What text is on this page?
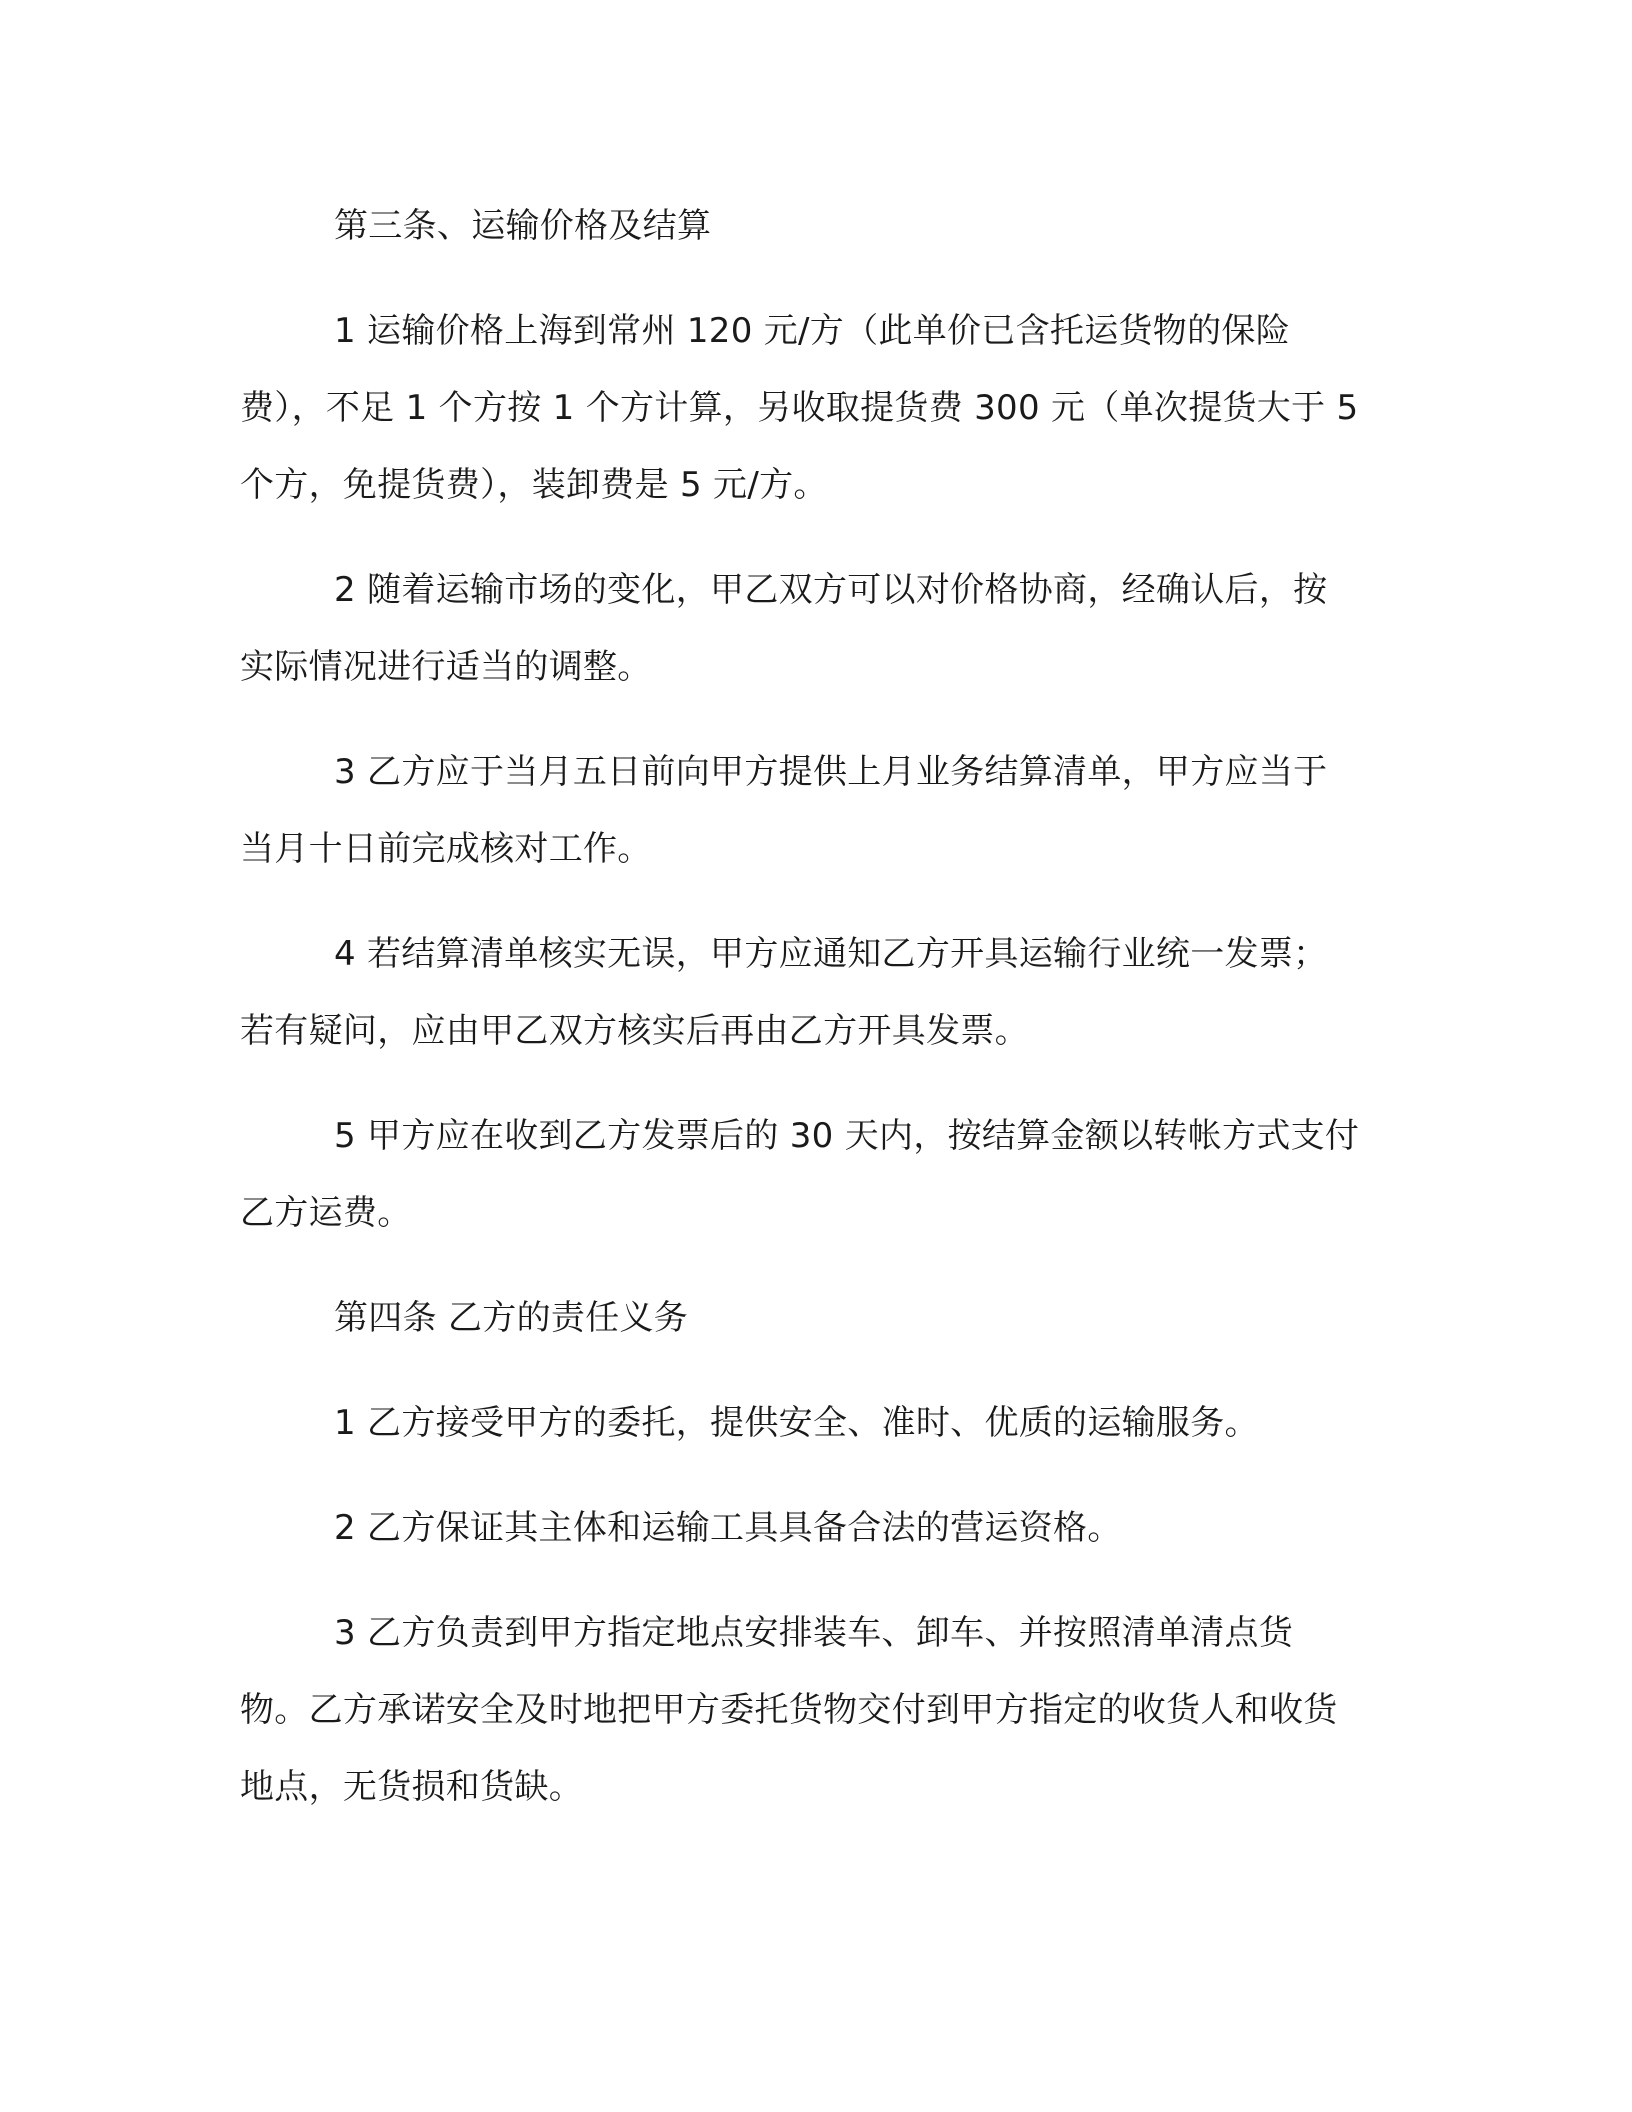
第三条、运输价格及结算

1 运输价格上海到常州 120 元/方（此单价已含托运货物的保险费），不足 1 个方按 1 个方计算，另收取提货费 300 元（单次提货大于 5 个方，免提货费），装卸费是 5 元/方。

2 随着运输市场的变化，甲乙双方可以对价格协商，经确认后，按实际情况进行适当的调整。

3 乙方应于当月五日前向甲方提供上月业务结算清单，甲方应当于当月十日前完成核对工作。

4 若结算清单核实无误，甲方应通知乙方开具运输行业统一发票；若有疑问，应由甲乙双方核实后再由乙方开具发票。

5 甲方应在收到乙方发票后的 30 天内，按结算金额以转帐方式支付乙方运费。

第四条 乙方的责任义务

1 乙方接受甲方的委托，提供安全、准时、优质的运输服务。

2 乙方保证其主体和运输工具具备合法的营运资格。

3 乙方负责到甲方指定地点安排装车、卸车、并按照清单清点货物。乙方承诺安全及时地把甲方委托货物交付到甲方指定的收货人和收货地点，无货损和货缺。
